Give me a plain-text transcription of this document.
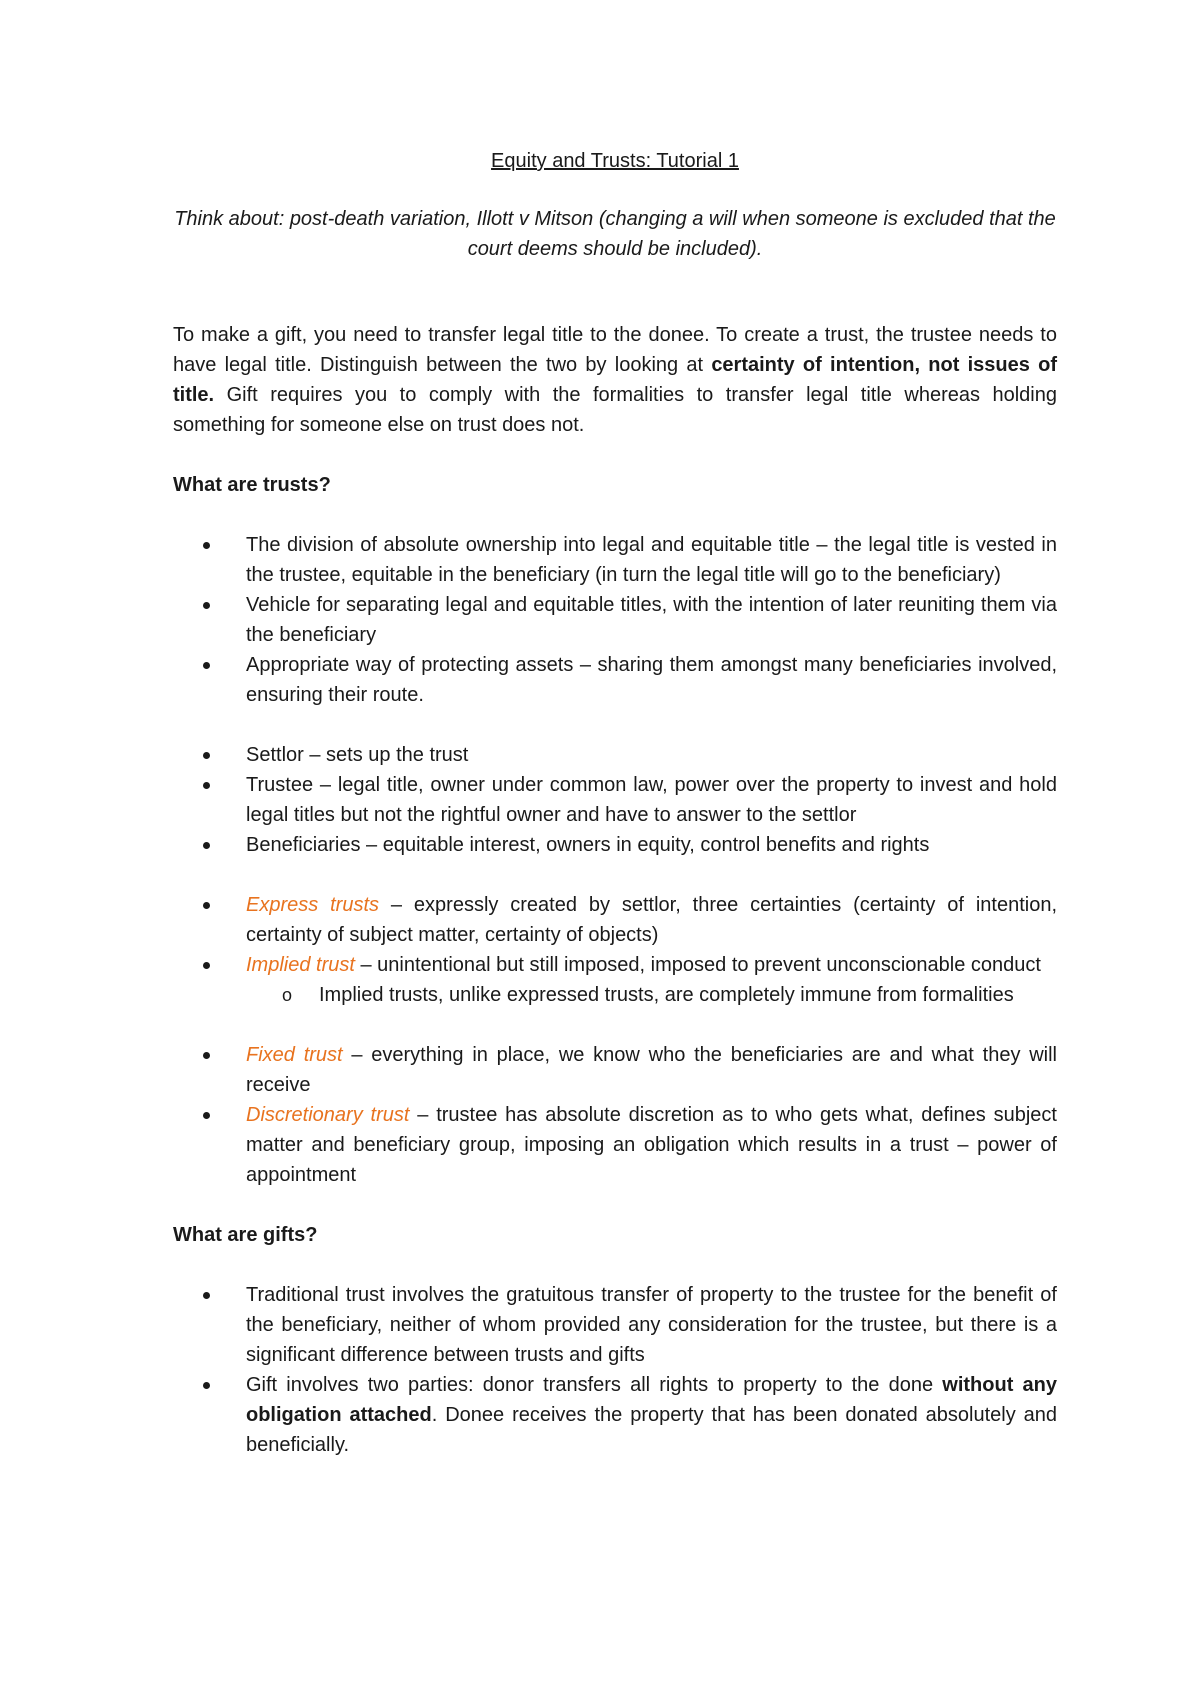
Equity and Trusts: Tutorial 1

Think about: post-death variation, Illott v Mitson (changing a will when someone is excluded that the court deems should be included).

To make a gift, you need to transfer legal title to the donee. To create a trust, the trustee needs to have legal title. Distinguish between the two by looking at certainty of intention, not issues of title. Gift requires you to comply with the formalities to transfer legal title whereas holding something for someone else on trust does not.

What are trusts?

The division of absolute ownership into legal and equitable title – the legal title is vested in the trustee, equitable in the beneficiary (in turn the legal title will go to the beneficiary)
Vehicle for separating legal and equitable titles, with the intention of later reuniting them via the beneficiary
Appropriate way of protecting assets – sharing them amongst many beneficiaries involved, ensuring their route.
Settlor – sets up the trust
Trustee – legal title, owner under common law, power over the property to invest and hold legal titles but not the rightful owner and have to answer to the settlor
Beneficiaries – equitable interest, owners in equity, control benefits and rights
Express trusts – expressly created by settlor, three certainties (certainty of intention, certainty of subject matter, certainty of objects)
Implied trust – unintentional but still imposed, imposed to prevent unconscionable conduct
o Implied trusts, unlike expressed trusts, are completely immune from formalities
Fixed trust – everything in place, we know who the beneficiaries are and what they will receive
Discretionary trust – trustee has absolute discretion as to who gets what, defines subject matter and beneficiary group, imposing an obligation which results in a trust – power of appointment

What are gifts?

Traditional trust involves the gratuitous transfer of property to the trustee for the benefit of the beneficiary, neither of whom provided any consideration for the trustee, but there is a significant difference between trusts and gifts
Gift involves two parties: donor transfers all rights to property to the done without any obligation attached. Donee receives the property that has been donated absolutely and beneficially.
